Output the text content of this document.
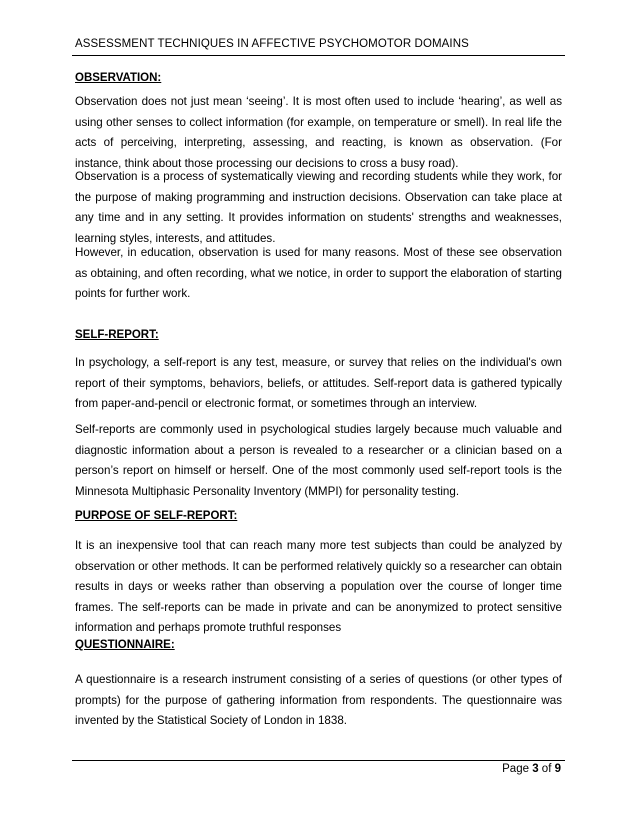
ASSESSMENT TECHNIQUES IN AFFECTIVE PSYCHOMOTOR DOMAINS

OBSERVATION:

Observation does not just mean ‘seeing’. It is most often used to include ‘hearing’, as well as using other senses to collect information (for example, on temperature or smell). In real life the acts of perceiving, interpreting, assessing, and reacting, is known as observation. (For instance, think about those processing our decisions to cross a busy road).

Observation is a process of systematically viewing and recording students while they work, for the purpose of making programming and instruction decisions. Observation can take place at any time and in any setting. It provides information on students' strengths and weaknesses, learning styles, interests, and attitudes.

However, in education, observation is used for many reasons. Most of these see observation as obtaining, and often recording, what we notice, in order to support the elaboration of starting points for further work.

SELF-REPORT:

In psychology, a self-report is any test, measure, or survey that relies on the individual's own report of their symptoms, behaviors, beliefs, or attitudes. Self-report data is gathered typically from paper-and-pencil or electronic format, or sometimes through an interview.

Self-reports are commonly used in psychological studies largely because much valuable and diagnostic information about a person is revealed to a researcher or a clinician based on a person’s report on himself or herself. One of the most commonly used self-report tools is the Minnesota Multiphasic Personality Inventory (MMPI) for personality testing.

PURPOSE OF SELF-REPORT:

It is an inexpensive tool that can reach many more test subjects than could be analyzed by observation or other methods. It can be performed relatively quickly so a researcher can obtain results in days or weeks rather than observing a population over the course of longer time frames. The self-reports can be made in private and can be anonymized to protect sensitive information and perhaps promote truthful responses

QUESTIONNAIRE:

A questionnaire is a research instrument consisting of a series of questions (or other types of prompts) for the purpose of gathering information from respondents. The questionnaire was invented by the Statistical Society of London in 1838.

Page 3 of 9
